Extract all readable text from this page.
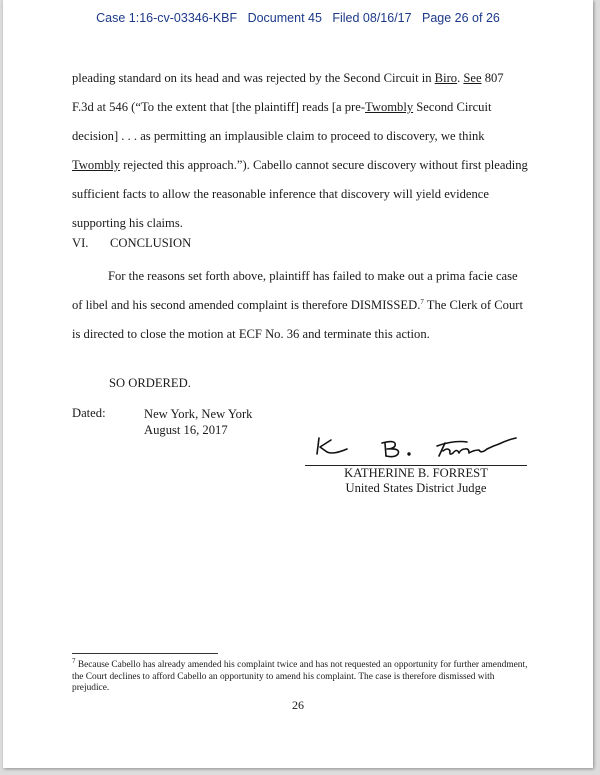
Case 1:16-cv-03346-KBF Document 45 Filed 08/16/17 Page 26 of 26
pleading standard on its head and was rejected by the Second Circuit in Biro. See 807 F.3d at 546 (“To the extent that [the plaintiff] reads [a pre-Twombly Second Circuit decision] . . . as permitting an implausible claim to proceed to discovery, we think Twombly rejected this approach.”). Cabello cannot secure discovery without first pleading sufficient facts to allow the reasonable inference that discovery will yield evidence supporting his claims.
VI. CONCLUSION
For the reasons set forth above, plaintiff has failed to make out a prima facie case of libel and his second amended complaint is therefore DISMISSED.$^7$ The Clerk of Court is directed to close the motion at ECF No. 36 and terminate this action.
SO ORDERED.
Dated:	New York, New York
August 16, 2017
KATHERINE B. FORREST
United States District Judge
$^7$ Because Cabello has already amended his complaint twice and has not requested an opportunity for further amendment, the Court declines to afford Cabello an opportunity to amend his complaint. The case is therefore dismissed with prejudice.
26
